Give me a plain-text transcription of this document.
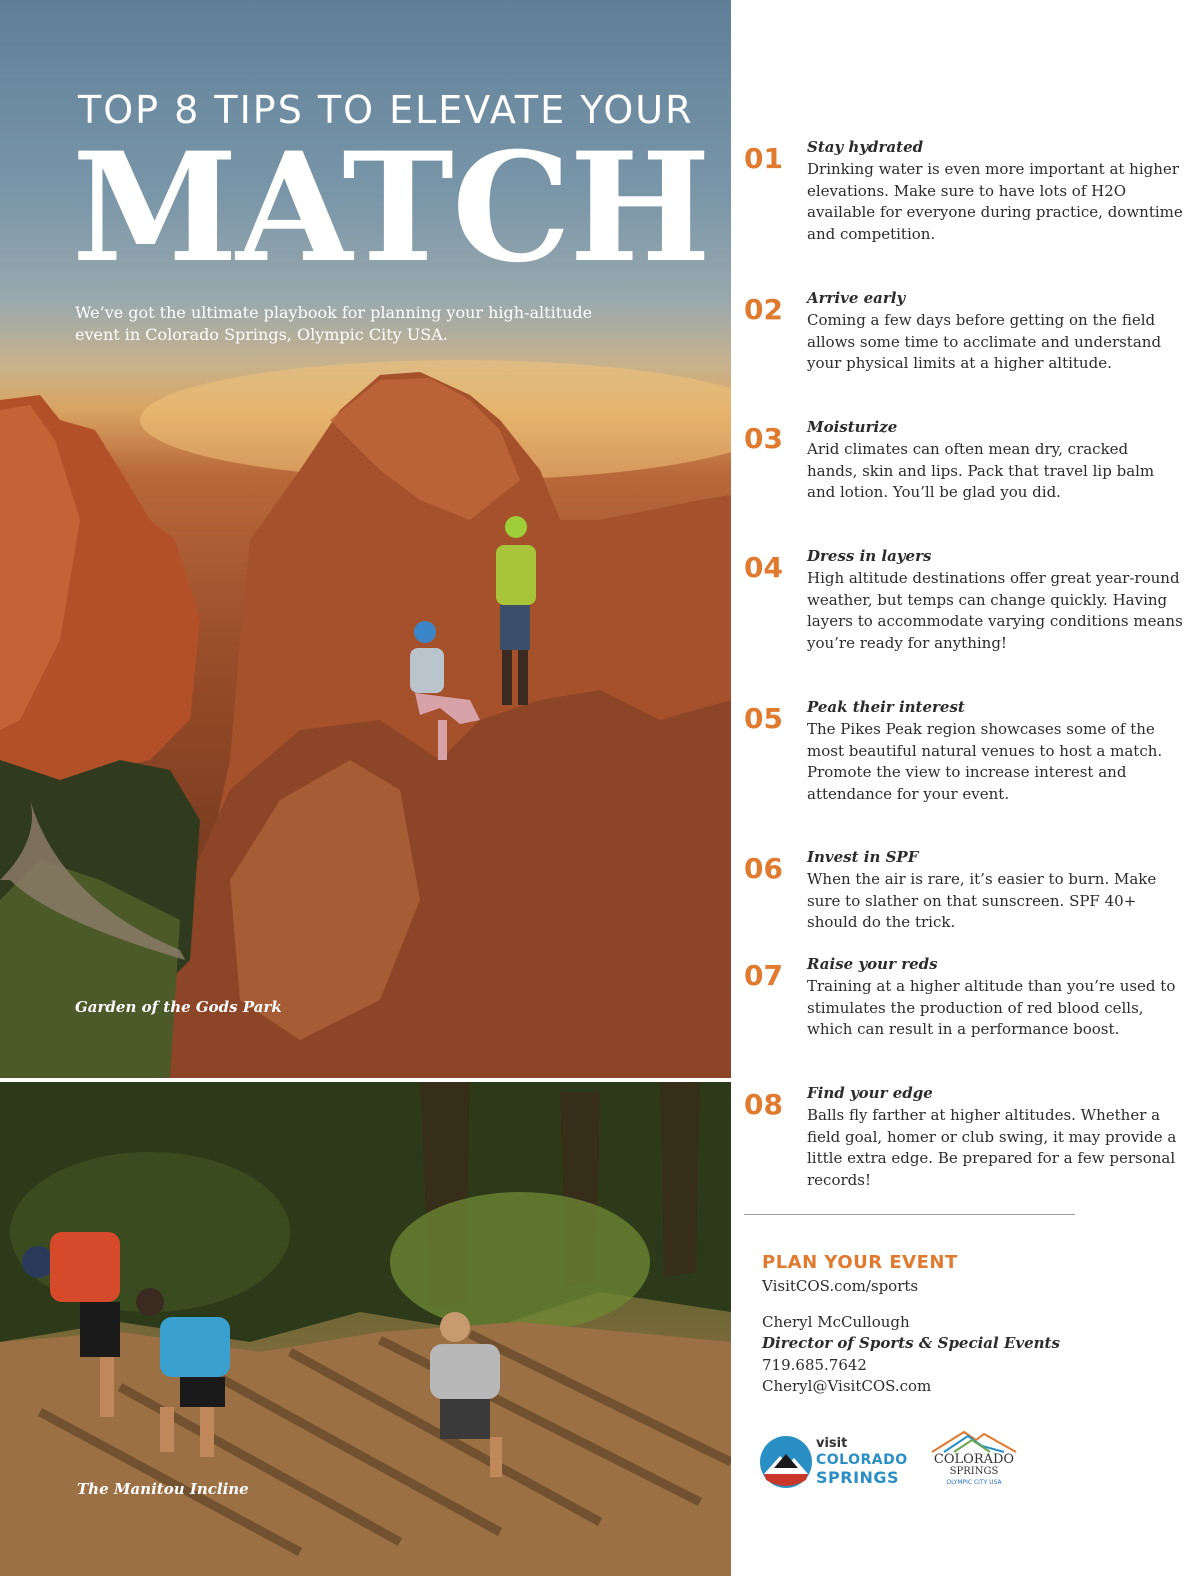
TOP 8 TIPS TO ELEVATE YOUR
MATCH
We’ve got the ultimate playbook for planning your high-altitude event in Colorado Springs, Olympic City USA.
Garden of the Gods Park
The Manitou Incline
01 Stay hydrated
Drinking water is even more important at higher elevations. Make sure to have lots of H2O available for everyone during practice, downtime and competition.
02 Arrive early
Coming a few days before getting on the field allows some time to acclimate and understand your physical limits at a higher altitude.
03 Moisturize
Arid climates can often mean dry, cracked hands, skin and lips. Pack that travel lip balm and lotion. You’ll be glad you did.
04 Dress in layers
High altitude destinations offer great year-round weather, but temps can change quickly. Having layers to accommodate varying conditions means you’re ready for anything!
05 Peak their interest
The Pikes Peak region showcases some of the most beautiful natural venues to host a match. Promote the view to increase interest and attendance for your event.
06 Invest in SPF
When the air is rare, it’s easier to burn. Make sure to slather on that sunscreen. SPF 40+ should do the trick.
07 Raise your reds
Training at a higher altitude than you’re used to stimulates the production of red blood cells, which can result in a performance boost.
08 Find your edge
Balls fly farther at higher altitudes. Whether a field goal, homer or club swing, it may provide a little extra edge. Be prepared for a few personal records!
PLAN YOUR EVENT
VisitCOS.com/sports
Cheryl McCullough
Director of Sports & Special Events
719.685.7642
Cheryl@VisitCOS.com
visit
COLORADO
SPRINGS
COLORADO
SPRINGS
OLYMPIC CITY USA
